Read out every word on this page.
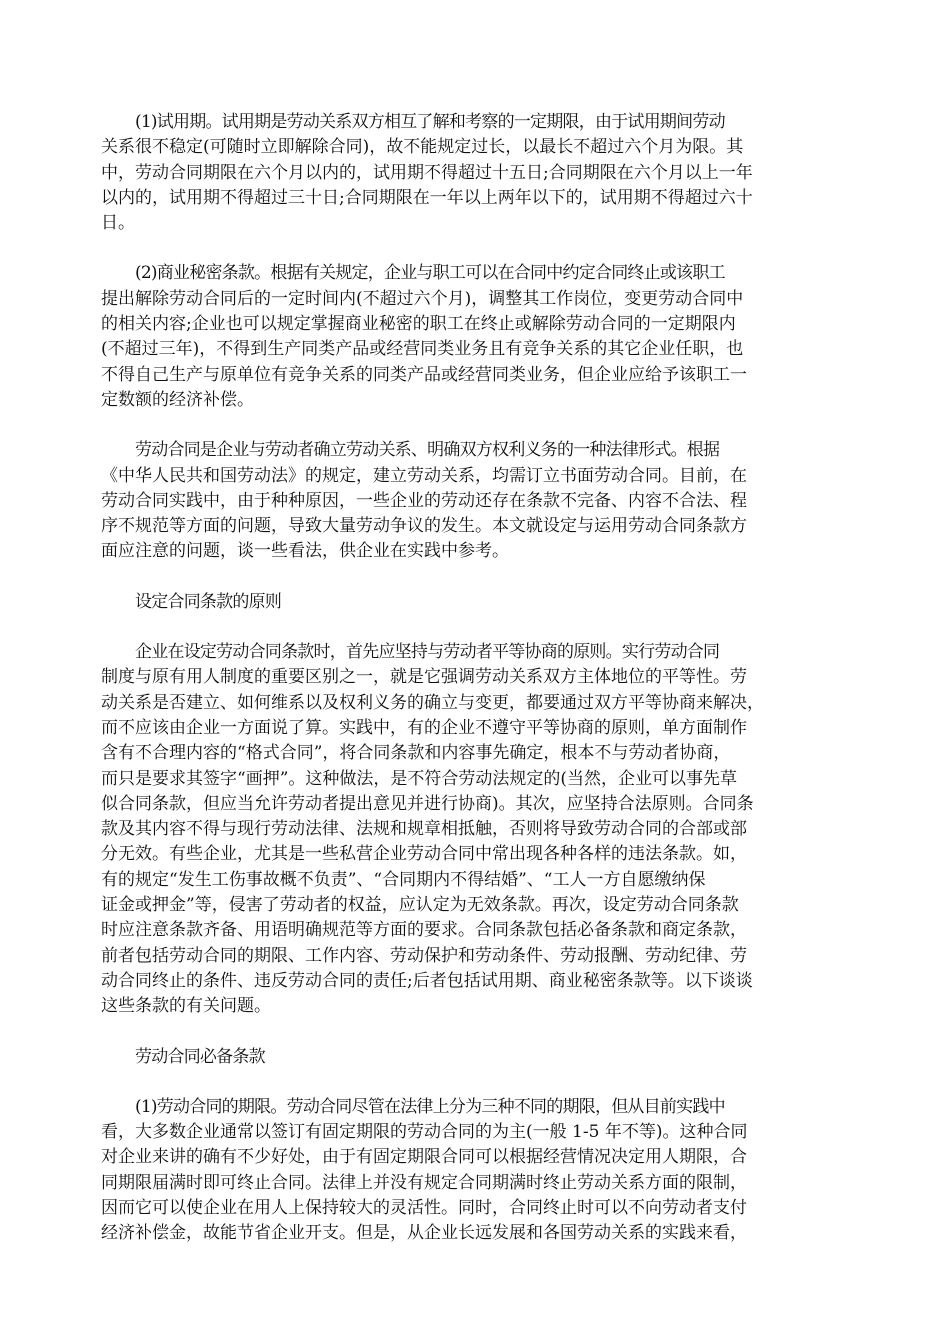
(1)试用期。试用期是劳动关系双方相互了解和考察的一定期限，由于试用期间劳动
关系很不稳定(可随时立即解除合同)，故不能规定过长，以最长不超过六个月为限。其
中，劳动合同期限在六个月以内的，试用期不得超过十五日;合同期限在六个月以上一年
以内的，试用期不得超过三十日;合同期限在一年以上两年以下的，试用期不得超过六十
日。

(2)商业秘密条款。根据有关规定，企业与职工可以在合同中约定合同终止或该职工
提出解除劳动合同后的一定时间内(不超过六个月)，调整其工作岗位，变更劳动合同中
的相关内容;企业也可以规定掌握商业秘密的职工在终止或解除劳动合同的一定期限内
(不超过三年)，不得到生产同类产品或经营同类业务且有竞争关系的其它企业任职，也
不得自己生产与原单位有竞争关系的同类产品或经营同类业务，但企业应给予该职工一
定数额的经济补偿。

劳动合同是企业与劳动者确立劳动关系、明确双方权利义务的一种法律形式。根据
《中华人民共和国劳动法》的规定，建立劳动关系，均需订立书面劳动合同。目前，在
劳动合同实践中，由于种种原因，一些企业的劳动还存在条款不完备、内容不合法、程
序不规范等方面的问题，导致大量劳动争议的发生。本文就设定与运用劳动合同条款方
面应注意的问题，谈一些看法，供企业在实践中参考。

设定合同条款的原则

企业在设定劳动合同条款时，首先应坚持与劳动者平等协商的原则。实行劳动合同
制度与原有用人制度的重要区别之一，就是它强调劳动关系双方主体地位的平等性。劳
动关系是否建立、如何维系以及权利义务的确立与变更，都要通过双方平等协商来解决，
而不应该由企业一方面说了算。实践中，有的企业不遵守平等协商的原则，单方面制作
含有不合理内容的“格式合同”，将合同条款和内容事先确定，根本不与劳动者协商，
而只是要求其签字“画押”。这种做法，是不符合劳动法规定的(当然，企业可以事先草
似合同条款，但应当允许劳动者提出意见并进行协商)。其次，应坚持合法原则。合同条
款及其内容不得与现行劳动法律、法规和规章相抵触，否则将导致劳动合同的合部或部
分无效。有些企业，尤其是一些私营企业劳动合同中常出现各种各样的违法条款。如，
有的规定“发生工伤事故概不负责”、“合同期内不得结婚”、“工人一方自愿缴纳保
证金或押金”等，侵害了劳动者的权益，应认定为无效条款。再次，设定劳动合同条款
时应注意条款齐备、用语明确规范等方面的要求。合同条款包括必备条款和商定条款，
前者包括劳动合同的期限、工作内容、劳动保护和劳动条件、劳动报酬、劳动纪律、劳
动合同终止的条件、违反劳动合同的责任;后者包括试用期、商业秘密条款等。以下谈谈
这些条款的有关问题。

劳动合同必备条款

(1)劳动合同的期限。劳动合同尽管在法律上分为三种不同的期限，但从目前实践中
看，大多数企业通常以签订有固定期限的劳动合同的为主(一般 1-5 年不等)。这种合同
对企业来讲的确有不少好处，由于有固定期限合同可以根据经营情况决定用人期限，合
同期限届满时即可终止合同。法律上并没有规定合同期满时终止劳动关系方面的限制，
因而它可以使企业在用人上保持较大的灵活性。同时，合同终止时可以不向劳动者支付
经济补偿金，故能节省企业开支。但是，从企业长远发展和各国劳动关系的实践来看，
